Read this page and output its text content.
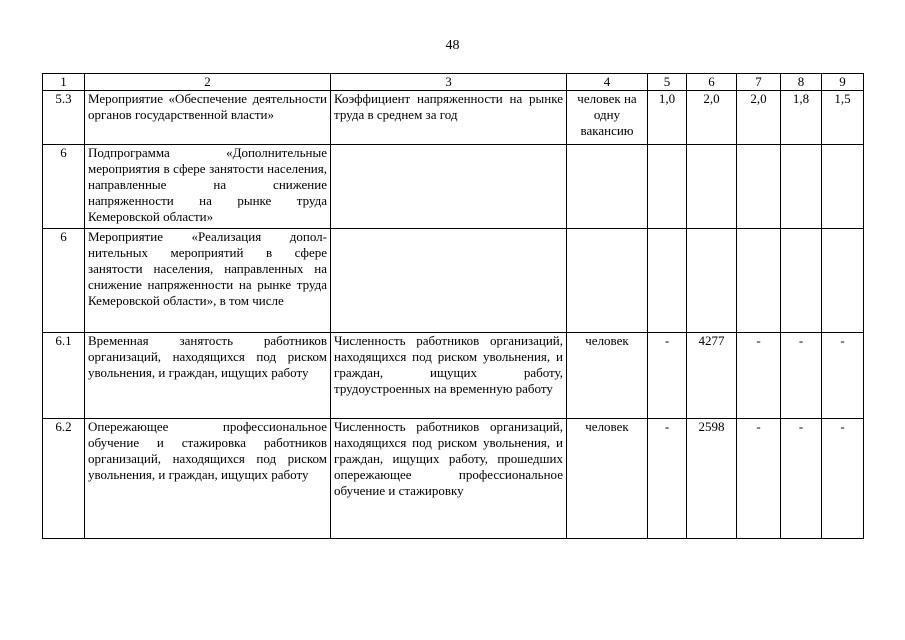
48
1	2	3	4	5	6	7	8	9
5.3	Мероприятие «Обеспечение деятельности органов государственной власти»	Коэффициент напряженности на рынке труда в среднем за год	человек на одну вакансию	1,0	2,0	2,0	1,8	1,5
6	Подпрограмма «Дополнительные мероприятия в сфере занятости населения, направленные на снижение напряженности на рынке труда Кемеровской области»							
6	Мероприятие «Реализация допол-нительных мероприятий в сфере занятости населения, направленных на снижение напряженности на рынке труда Кемеровской области», в том числе							
6.1	Временная занятость работников организаций, находящихся под риском увольнения, и граждан, ищущих работу	Численность работников организаций, находящихся под риском увольнения, и граждан, ищущих работу, трудоустроенных на временную работу	человек	-	4277	-	-	-
6.2	Опережающее профессиональное обучение и стажировка работников организаций, находящихся под риском увольнения, и граждан, ищущих работу	Численность работников организаций, находящихся под риском увольнения, и граждан, ищущих работу, прошедших опережающее профессиональное обучение и стажировку	человек	-	2598	-	-	-
